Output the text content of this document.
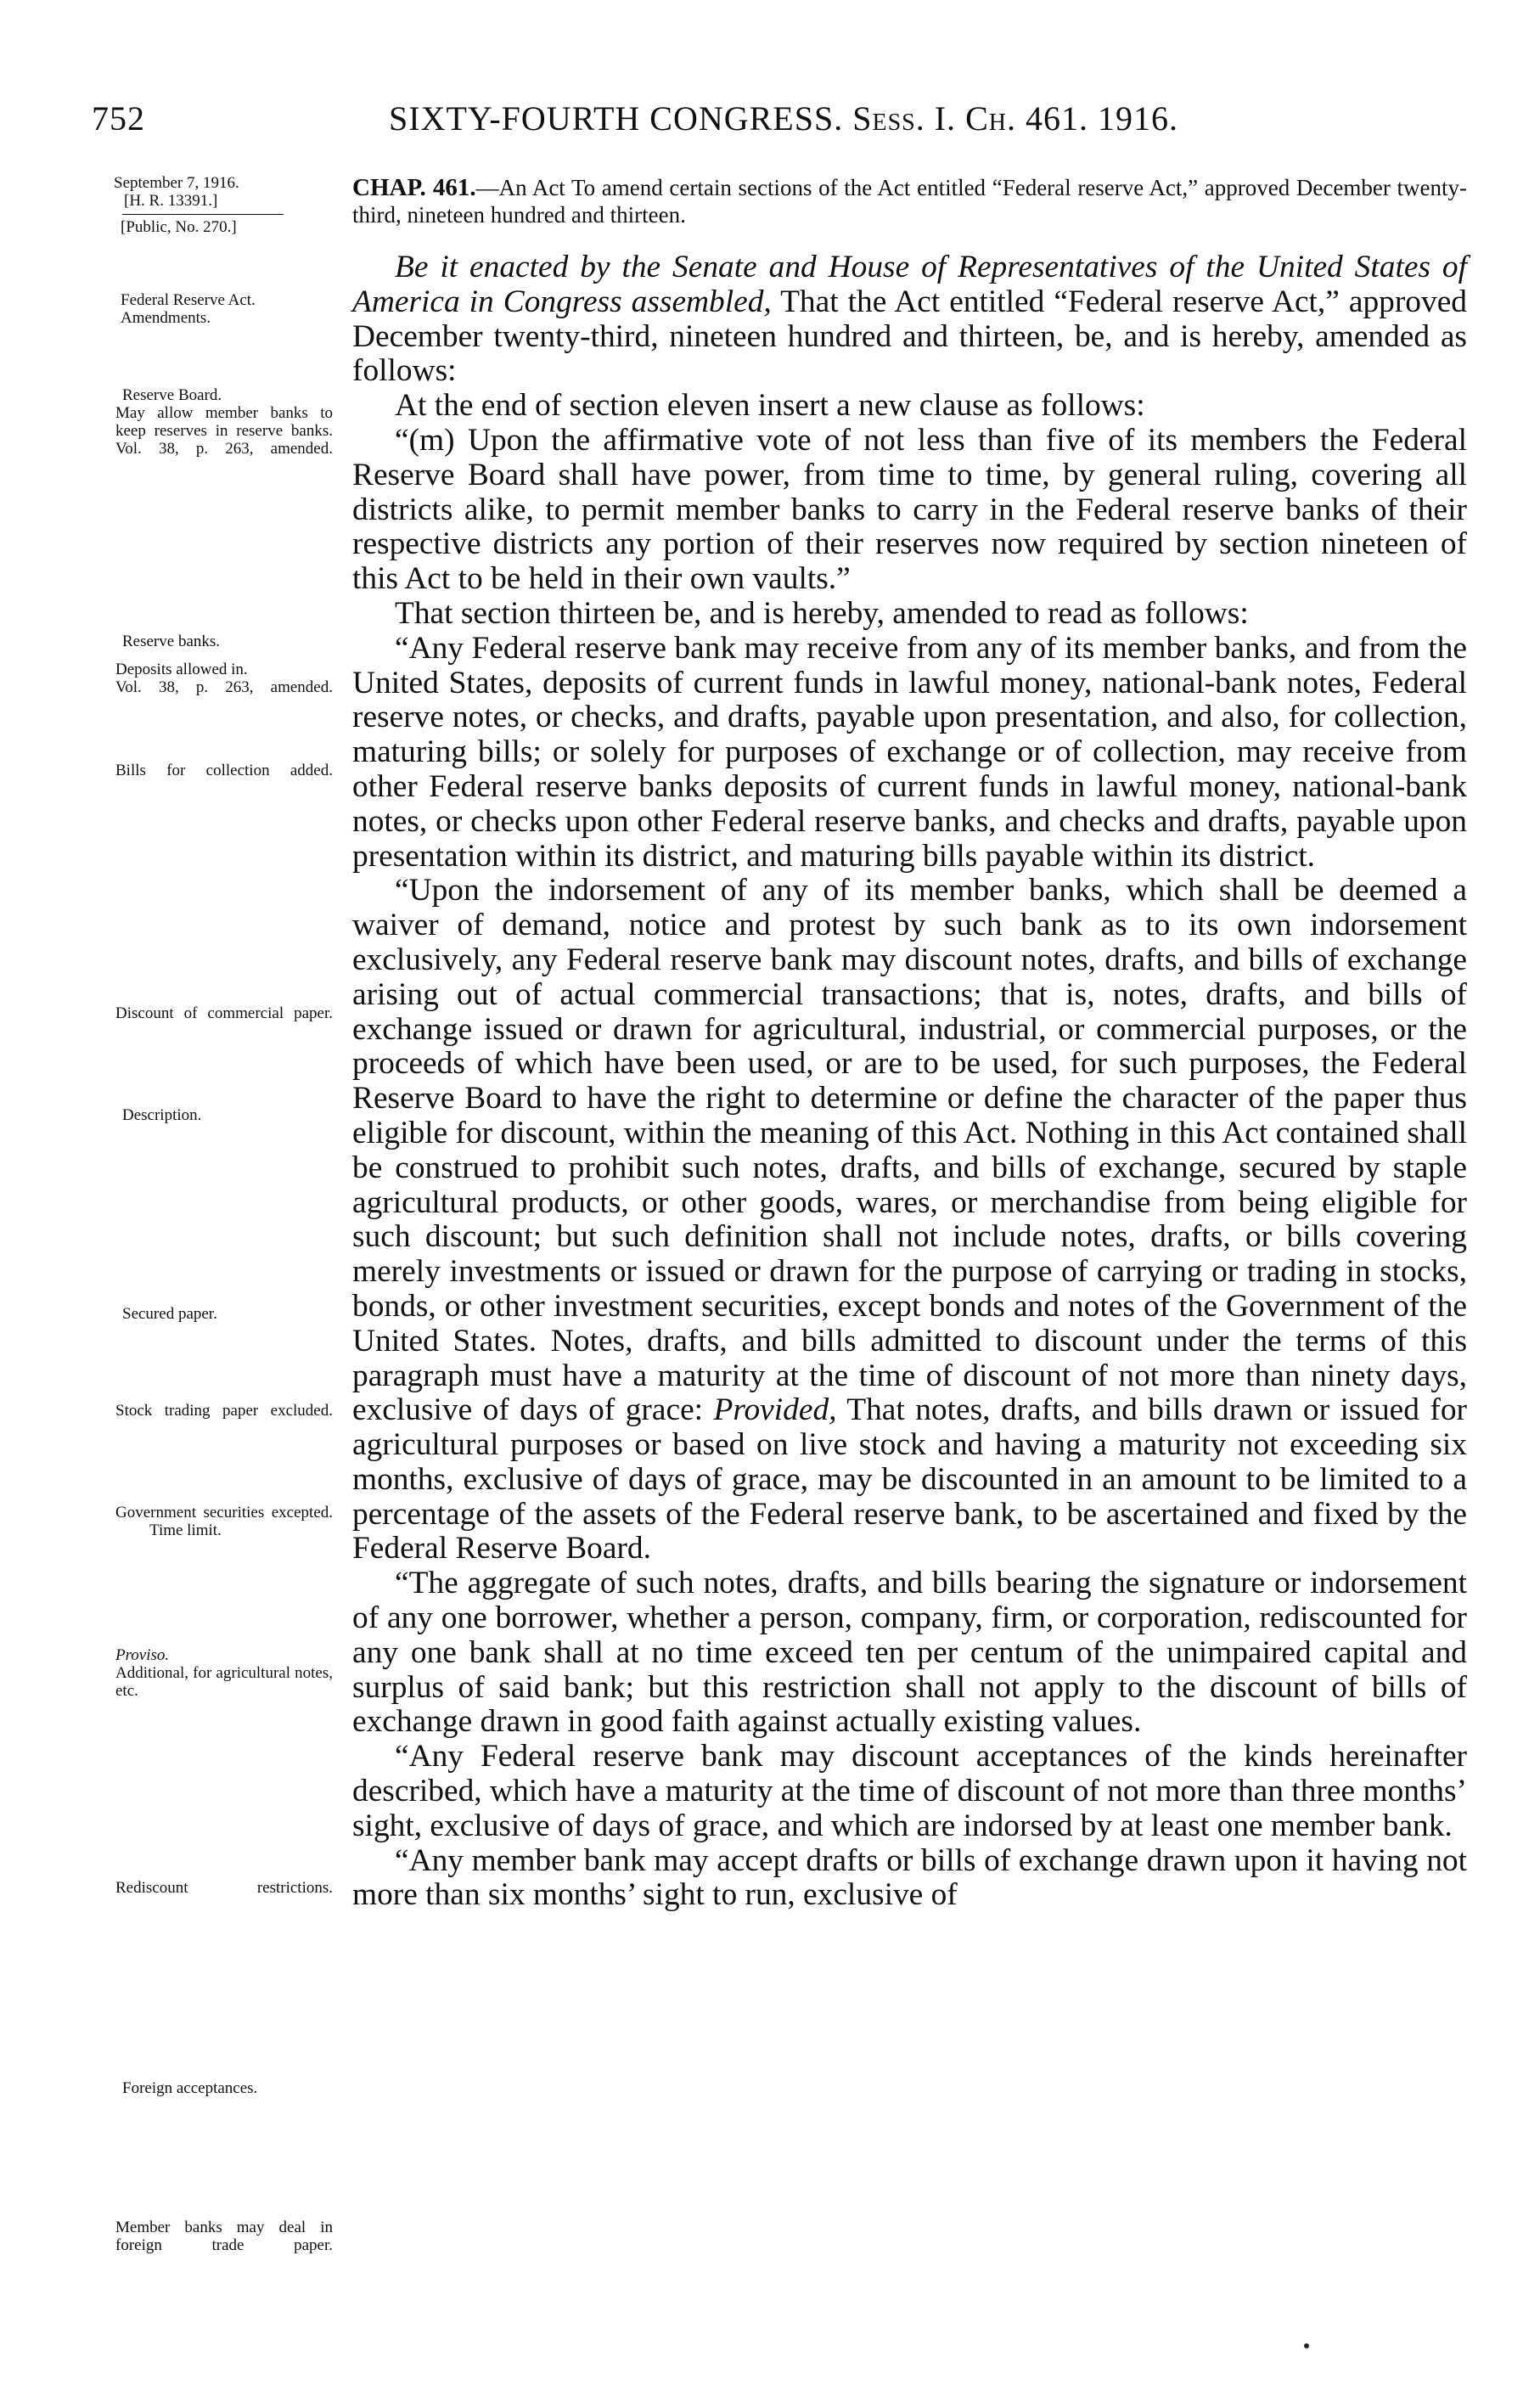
752	SIXTY-FOURTH CONGRESS. Sess. I. Ch. 461. 1916.

September 7, 1916.

[H. R. 13391.]

[Public, No. 270.]

Federal Reserve Act.

Amendments.

Reserve Board.

May allow member banks to keep reserves in reserve banks.

Vol. 38, p. 263, amended.

Reserve banks.

Deposits allowed in.

Vol. 38, p. 263, amended.

Bills for collection added.

Discount of commercial paper.

Description.

Secured paper.

Stock trading paper excluded.

Government securities excepted.

Time limit.

Proviso.

Additional, for agricultural notes, etc.

Rediscount restrictions.

Foreign acceptances.

Member banks may deal in foreign trade paper.

CHAP. 461.—An Act To amend certain sections of the Act entitled “Federal reserve Act,” approved December twenty-third, nineteen hundred and thirteen.

Be it enacted by the Senate and House of Representatives of the United States of America in Congress assembled, That the Act entitled “Federal reserve Act,” approved December twenty-third, nineteen hundred and thirteen, be, and is hereby, amended as follows:

At the end of section eleven insert a new clause as follows:

“(m) Upon the affirmative vote of not less than five of its members the Federal Reserve Board shall have power, from time to time, by general ruling, covering all districts alike, to permit member banks to carry in the Federal reserve banks of their respective districts any portion of their reserves now required by section nineteen of this Act to be held in their own vaults.”

That section thirteen be, and is hereby, amended to read as follows:

“Any Federal reserve bank may receive from any of its member banks, and from the United States, deposits of current funds in lawful money, national-bank notes, Federal reserve notes, or checks, and drafts, payable upon presentation, and also, for collection, maturing bills; or solely for purposes of exchange or of collection, may receive from other Federal reserve banks deposits of current funds in lawful money, national-bank notes, or checks upon other Federal reserve banks, and checks and drafts, payable upon presentation within its district, and maturing bills payable within its district.

“Upon the indorsement of any of its member banks, which shall be deemed a waiver of demand, notice and protest by such bank as to its own indorsement exclusively, any Federal reserve bank may discount notes, drafts, and bills of exchange arising out of actual commercial transactions; that is, notes, drafts, and bills of exchange issued or drawn for agricultural, industrial, or commercial purposes, or the proceeds of which have been used, or are to be used, for such purposes, the Federal Reserve Board to have the right to determine or define the character of the paper thus eligible for discount, within the meaning of this Act. Nothing in this Act contained shall be construed to prohibit such notes, drafts, and bills of exchange, secured by staple agricultural products, or other goods, wares, or merchandise from being eligible for such discount; but such definition shall not include notes, drafts, or bills covering merely investments or issued or drawn for the purpose of carrying or trading in stocks, bonds, or other investment securities, except bonds and notes of the Government of the United States. Notes, drafts, and bills admitted to discount under the terms of this paragraph must have a maturity at the time of discount of not more than ninety days, exclusive of days of grace: Provided, That notes, drafts, and bills drawn or issued for agricultural purposes or based on live stock and having a maturity not exceeding six months, exclusive of days of grace, may be discounted in an amount to be limited to a percentage of the assets of the Federal reserve bank, to be ascertained and fixed by the Federal Reserve Board.

“The aggregate of such notes, drafts, and bills bearing the signature or indorsement of any one borrower, whether a person, company, firm, or corporation, rediscounted for any one bank shall at no time exceed ten per centum of the unimpaired capital and surplus of said bank; but this restriction shall not apply to the discount of bills of exchange drawn in good faith against actually existing values.

“Any Federal reserve bank may discount acceptances of the kinds hereinafter described, which have a maturity at the time of discount of not more than three months’ sight, exclusive of days of grace, and which are indorsed by at least one member bank.

“Any member bank may accept drafts or bills of exchange drawn upon it having not more than six months’ sight to run, exclusive of
